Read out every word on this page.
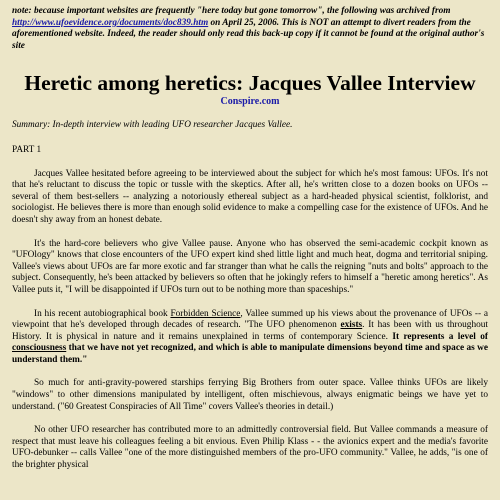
note: because important websites are frequently "here today but gone tomorrow", the following was archived from http://www.ufoevidence.org/documents/doc839.htm on April 25, 2006. This is NOT an attempt to divert readers from the aforementioned website. Indeed, the reader should only read this back-up copy if it cannot be found at the original author's site

Heretic among heretics: Jacques Vallee Interview
Conspire.com
Summary: In-depth interview with leading UFO researcher Jacques Vallee.
PART 1

Jacques Vallee hesitated before agreeing to be interviewed about the subject for which he's most famous: UFOs. It's not that he's reluctant to discuss the topic or tussle with the skeptics. After all, he's written close to a dozen books on UFOs -- several of them best-sellers -- analyzing a notoriously ethereal subject as a hard-headed physical scientist, folklorist, and sociologist. He believes there is more than enough solid evidence to make a compelling case for the existence of UFOs. And he doesn't shy away from an honest debate.

It's the hard-core believers who give Vallee pause. Anyone who has observed the semi-academic cockpit known as "UFOlogy" knows that close encounters of the UFO expert kind shed little light and much heat, dogma and territorial sniping. Vallee's views about UFOs are far more exotic and far stranger than what he calls the reigning "nuts and bolts" approach to the subject. Consequently, he's been attacked by believers so often that he jokingly refers to himself a "heretic among heretics". As Vallee puts it, "I will be disappointed if UFOs turn out to be nothing more than spaceships."

In his recent autobiographical book Forbidden Science, Vallee summed up his views about the provenance of UFOs -- a viewpoint that he's developed through decades of research. "The UFO phenomenon exists. It has been with us throughout History. It is physical in nature and it remains unexplained in terms of contemporary Science. It represents a level of consciousness that we have not yet recognized, and which is able to manipulate dimensions beyond time and space as we understand them."

So much for anti-gravity-powered starships ferrying Big Brothers from outer space. Vallee thinks UFOs are likely "windows" to other dimensions manipulated by intelligent, often mischievous, always enigmatic beings we have yet to understand. ("60 Greatest Conspiracies of All Time" covers Vallee's theories in detail.)

No other UFO researcher has contributed more to an admittedly controversial field. But Vallee commands a measure of respect that must leave his colleagues feeling a bit envious. Even Philip Klass - - the avionics expert and the media's favorite UFO-debunker -- calls Vallee "one of the more distinguished members of the pro-UFO community." Vallee, he adds, "is one of the brighter physical
